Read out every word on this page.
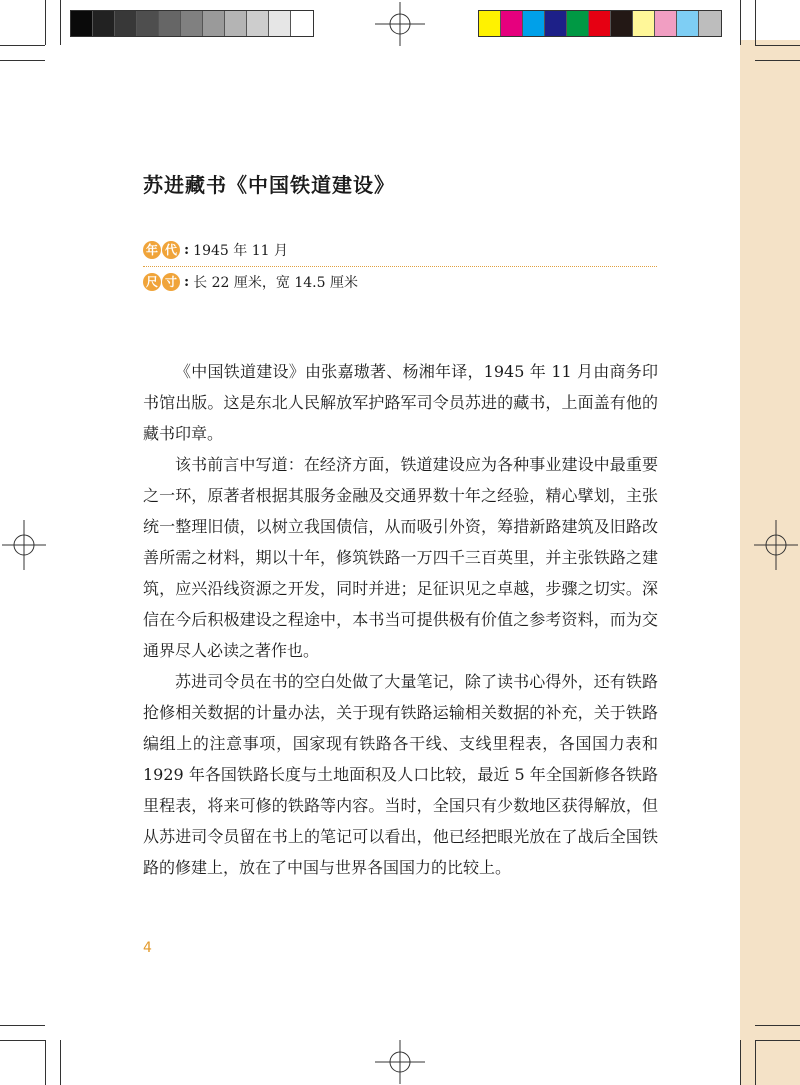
苏进藏书《中国铁道建设》
年 代 : 1945 年 11 月
尺 寸 : 长 22 厘米，宽 14.5 厘米

《中国铁道建设》由张嘉璈著、杨湘年译，1945 年 11 月由商务印书馆出版。这是东北人民解放军护路军司令员苏进的藏书，上面盖有他的藏书印章。

该书前言中写道：在经济方面，铁道建设应为各种事业建设中最重要之一环，原著者根据其服务金融及交通界数十年之经验，精心擘划，主张统一整理旧债，以树立我国债信，从而吸引外资，筹措新路建筑及旧路改善所需之材料，期以十年，修筑铁路一万四千三百英里，并主张铁路之建筑，应兴沿线资源之开发，同时并进；足征识见之卓越，步骤之切实。深信在今后积极建设之程途中，本书当可提供极有价值之参考资料，而为交通界尽人必读之著作也。

苏进司令员在书的空白处做了大量笔记，除了读书心得外，还有铁路抢修相关数据的计量办法，关于现有铁路运输相关数据的补充，关于铁路编组上的注意事项，国家现有铁路各干线、支线里程表，各国国力表和 1929 年各国铁路长度与土地面积及人口比较，最近 5 年全国新修各铁路里程表，将来可修的铁路等内容。当时，全国只有少数地区获得解放，但从苏进司令员留在书上的笔记可以看出，他已经把眼光放在了战后全国铁路的修建上，放在了中国与世界各国国力的比较上。

4
